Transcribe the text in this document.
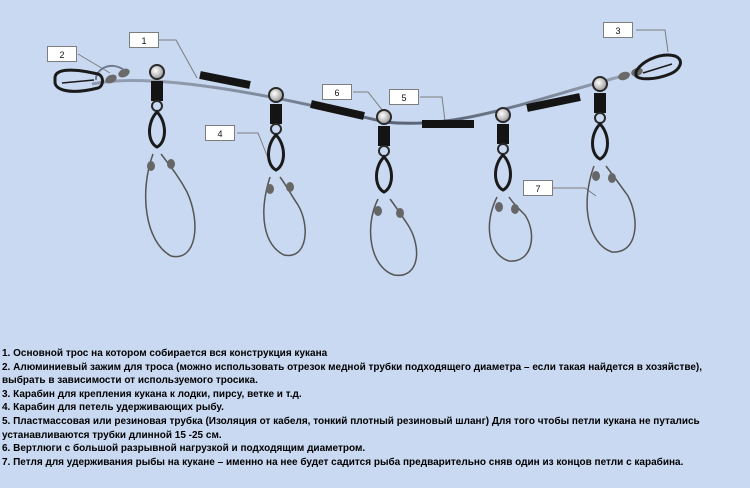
1
2
3
4
5
6
7
1. Основной трос на котором собирается вся конструкция кукана
2. Алюминиевый зажим для троса (можно использовать отрезок медной трубки подходящего диаметра – если такая найдется в хозяйстве), выбрать в зависимости от используемого тросика.
3. Карабин для крепления кукана к лодки, пирсу, ветке и т.д.
4. Карабин для петель удерживающих рыбу.
5. Пластмассовая или резиновая трубка (Изоляция от кабеля, тонкий плотный резиновый шланг) Для того чтобы петли кукана не путались устанавливаются трубки длинной 15 -25 см.
6. Вертлюги с большой разрывной нагрузкой и подходящим диаметром.
7. Петля для удерживания рыбы на кукане – именно на нее будет садится рыба предварительно сняв один из концов петли с карабина.
